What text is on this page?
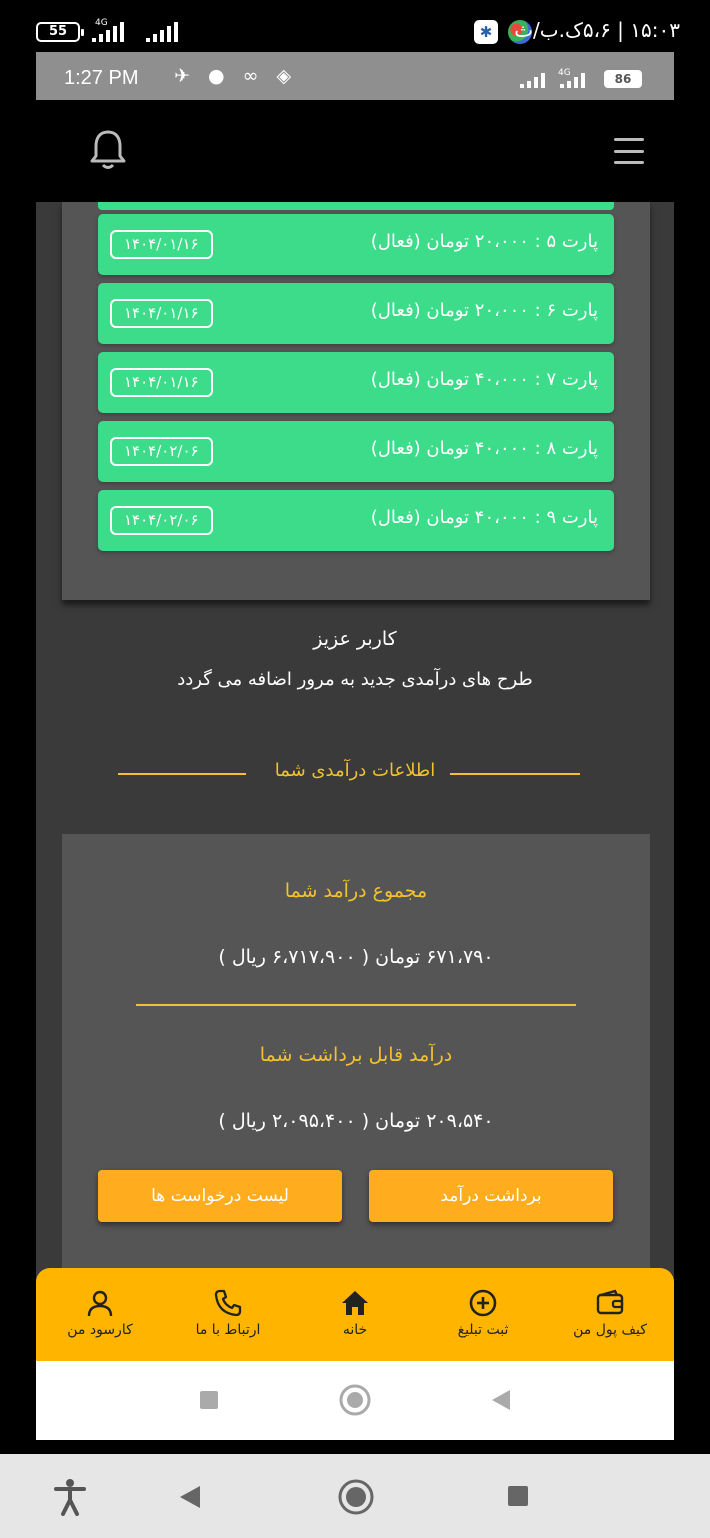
55
4G	✱ ۱۵:۰۳ | ۵،۶ک.ب/ث
1:27 PM ✈ ● ∞ ◈	4G	86
پارت ۵ : ۲۰،۰۰۰ تومان (فعال)
۱۴۰۴/۰۱/۱۶
پارت ۶ : ۲۰،۰۰۰ تومان (فعال)
۱۴۰۴/۰۱/۱۶
پارت ۷ : ۴۰،۰۰۰ تومان (فعال)
۱۴۰۴/۰۱/۱۶
پارت ۸ : ۴۰،۰۰۰ تومان (فعال)
۱۴۰۴/۰۲/۰۶
پارت ۹ : ۴۰،۰۰۰ تومان (فعال)
۱۴۰۴/۰۲/۰۶
کاربر عزیز
طرح های درآمدی جدید به مرور اضافه می گردد
اطلاعات درآمدی شما
مجموع درآمد شما
۶۷۱،۷۹۰ تومان ( ۶،۷۱۷،۹۰۰ ریال )
درآمد قابل برداشت شما
۲۰۹،۵۴۰ تومان ( ۲،۰۹۵،۴۰۰ ریال )
برداشت درآمد
لیست درخواست ها
کیف پول من
ثبت تبلیغ
خانه
ارتباط با ما
کارسود من
